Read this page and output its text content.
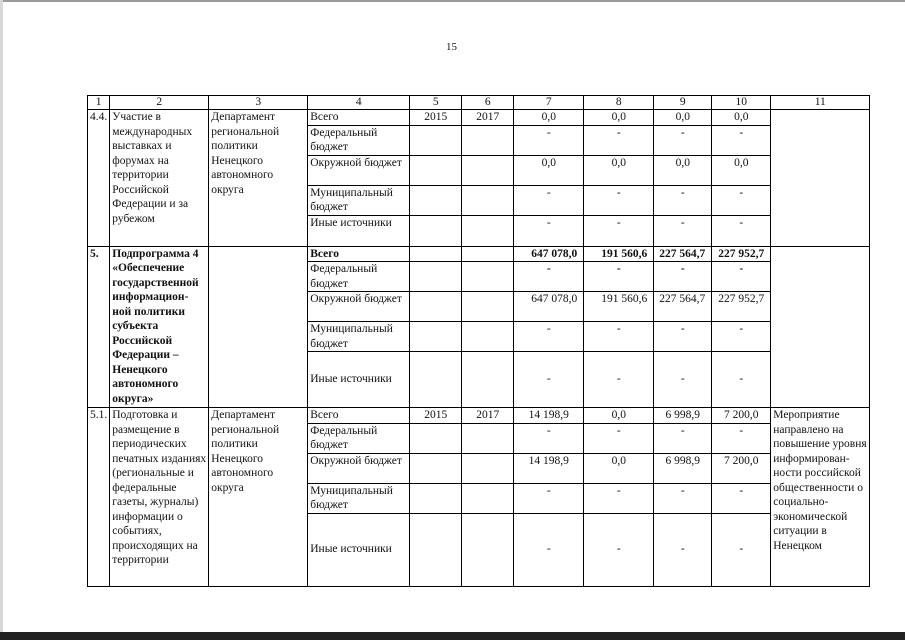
15
1	2	3	4	5	6	7	8	9	10	11
4.4.	Участие в международных выставках и форумах на территории Российской Федерации и за рубежом	Департамент региональной политики Ненецкого автономного округа	Всего	2015	2017	0,0	0,0	0,0	0,0	
			Федеральный бюджет			-	-	-	-	
			Окружной бюджет			0,0	0,0	0,0	0,0	
			Муниципальный бюджет			-	-	-	-	
			Иные источники			-	-	-	-	
5.	Подпрограмма 4 «Обеспечение государственной информацион-ной политики субъекта Российской Федерации – Ненецкого автономного округа»		Всего			647 078,0	191 560,6	227 564,7	227 952,7	
			Федеральный бюджет			-	-	-	-	
			Окружной бюджет			647 078,0	191 560,6	227 564,7	227 952,7	
			Муниципальный бюджет			-	-	-	-	
			Иные источники			-	-	-	-	
5.1.	Подготовка и размещение в периодических печатных изданиях (региональные и федеральные газеты, журналы) информации о событиях, происходящих на территории	Департамент региональной политики Ненецкого автономного округа	Всего	2015	2017	14 198,9	0,0	6 998,9	7 200,0	Мероприятие направлено на повышение уровня информирован-ности российской общественности о социально-экономической ситуации в Ненецком
			Федеральный бюджет			-	-	-	-	
			Окружной бюджет			14 198,9	0,0	6 998,9	7 200,0	
			Муниципальный бюджет			-	-	-	-	
			Иные источники			-	-	-	-	
